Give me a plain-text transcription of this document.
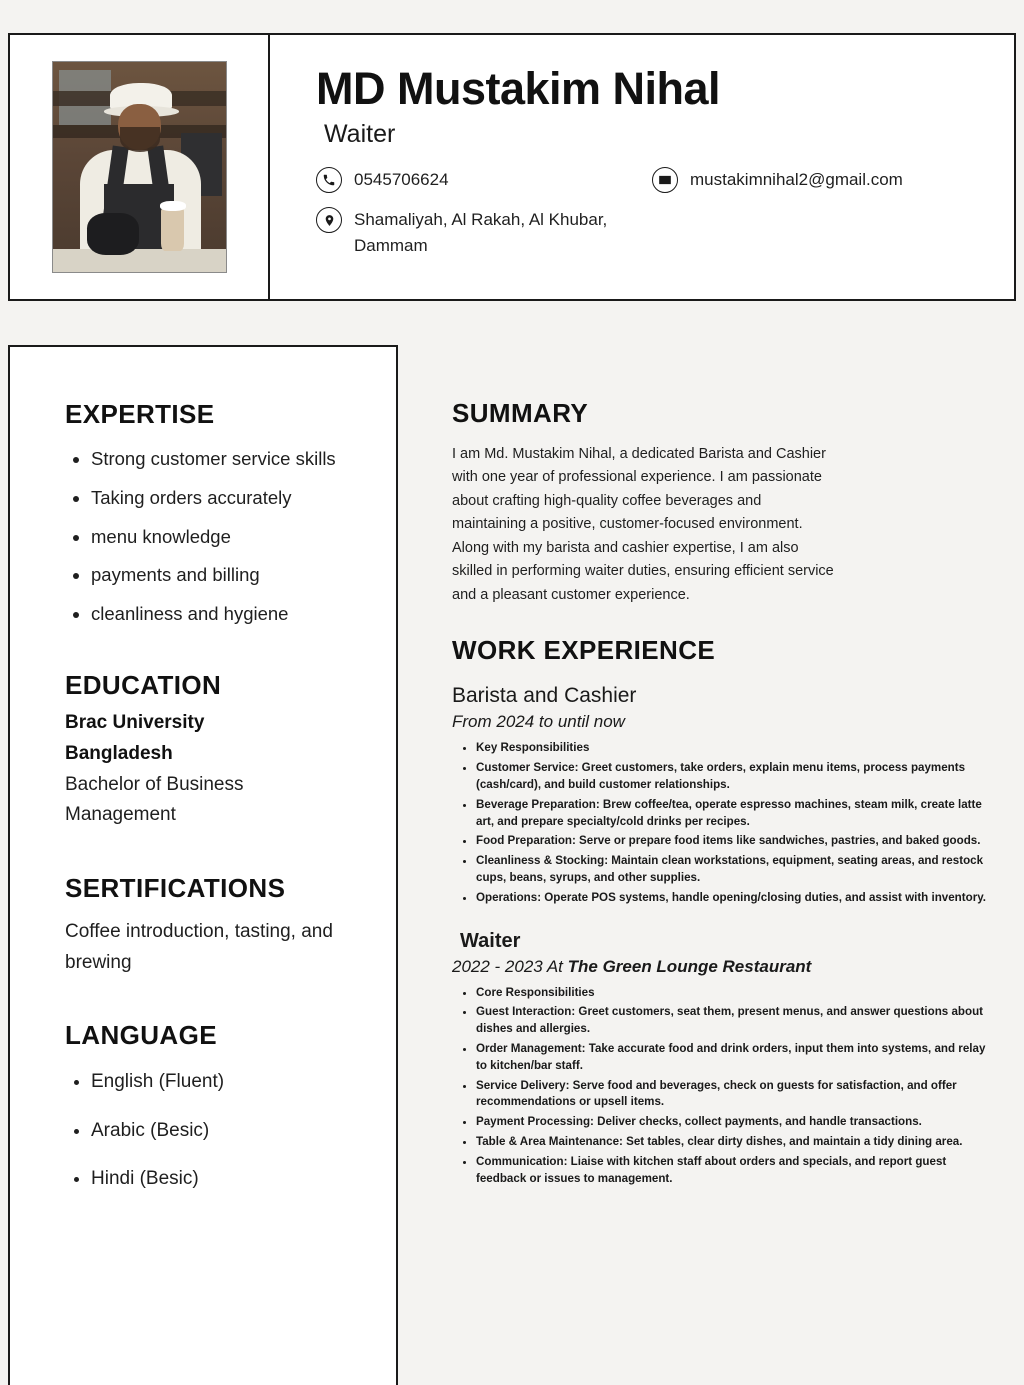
MD Mustakim Nihal
Waiter
0545706624
Shamaliyah, Al Rakah, Al Khubar, Dammam
mustakimnihal2@gmail.com
EXPERTISE
• Strong customer service skills
• Taking orders accurately
• menu knowledge
• payments and billing
• cleanliness and hygiene
EDUCATION
Brac University
Bangladesh
Bachelor of Business
Management
SERTIFICATIONS
Coffee introduction, tasting, and brewing
LANGUAGE
• English (Fluent)
• Arabic (Besic)
• Hindi (Besic)
SUMMARY

I am Md. Mustakim Nihal, a dedicated Barista and Cashier with one year of professional experience. I am passionate about crafting high-quality coffee beverages and maintaining a positive, customer-focused environment. Along with my barista and cashier expertise, I am also skilled in performing waiter duties, ensuring efficient service and a pleasant customer experience.

WORK EXPERIENCE
Barista and Cashier
From 2024 to until now
• Key Responsibilities
• Customer Service: Greet customers, take orders, explain menu items, process payments (cash/card), and build customer relationships.
• Beverage Preparation: Brew coffee/tea, operate espresso machines, steam milk, create latte art, and prepare specialty/cold drinks per recipes.
• Food Preparation: Serve or prepare food items like sandwiches, pastries, and baked goods.
• Cleanliness & Stocking: Maintain clean workstations, equipment, seating areas, and restock cups, beans, syrups, and other supplies.
• Operations: Operate POS systems, handle opening/closing duties, and assist with inventory.
Waiter
2022 - 2023 At The Green Lounge Restaurant
• Core Responsibilities
• Guest Interaction: Greet customers, seat them, present menus, and answer questions about dishes and allergies.
• Order Management: Take accurate food and drink orders, input them into systems, and relay to kitchen/bar staff.
• Service Delivery: Serve food and beverages, check on guests for satisfaction, and offer recommendations or upsell items.
• Payment Processing: Deliver checks, collect payments, and handle transactions.
• Table & Area Maintenance: Set tables, clear dirty dishes, and maintain a tidy dining area.
• Communication: Liaise with kitchen staff about orders and specials, and report guest feedback or issues to management.
